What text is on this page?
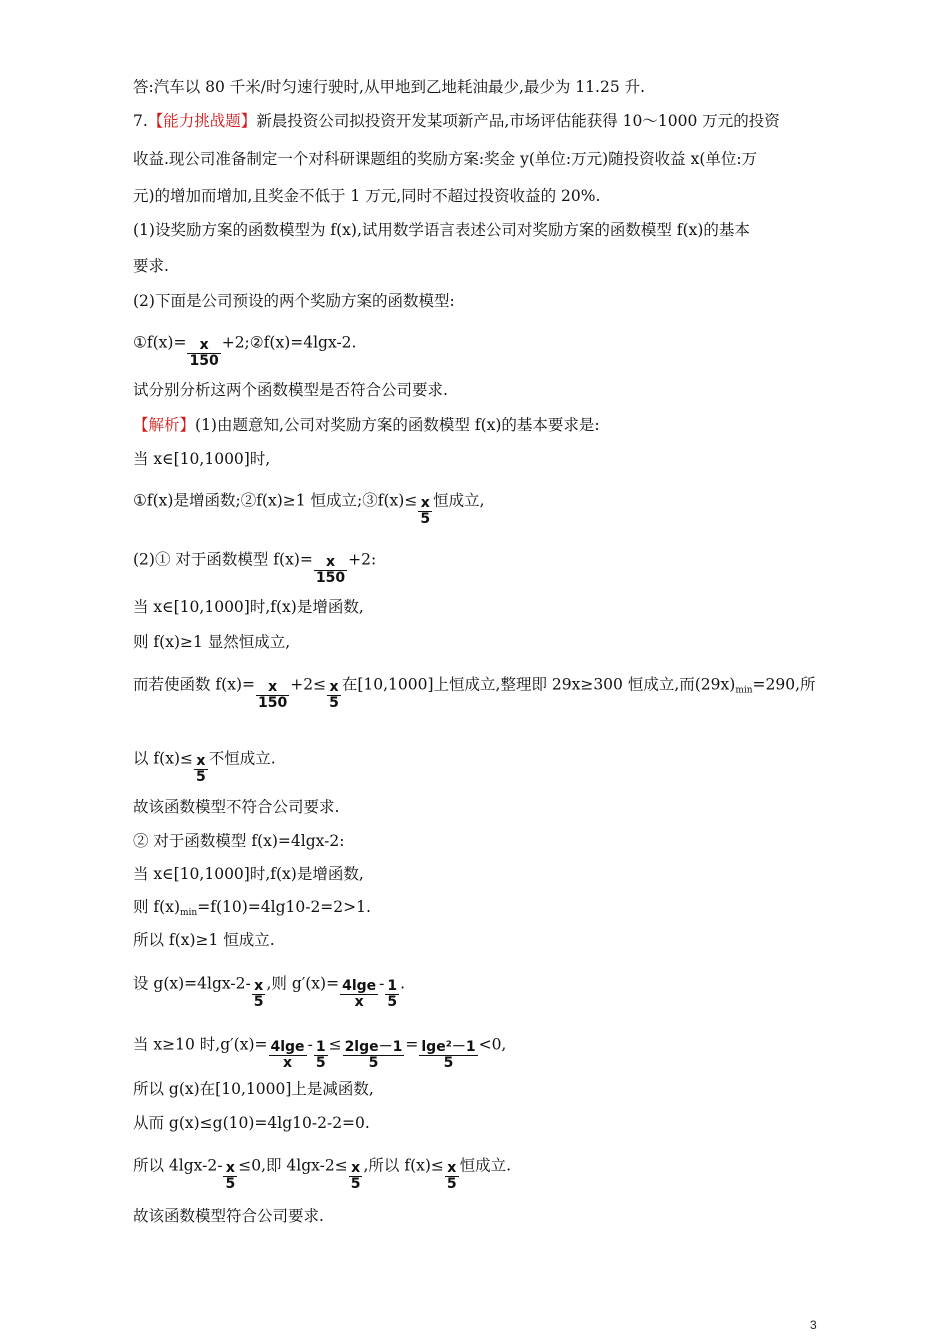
答:汽车以 80 千米/时匀速行驶时,从甲地到乙地耗油最少,最少为 11.25 升.
7.【能力挑战题】新晨投资公司拟投资开发某项新产品,市场评估能获得 10～1000 万元的投资
收益.现公司准备制定一个对科研课题组的奖励方案:奖金 y(单位:万元)随投资收益 x(单位:万
元)的增加而增加,且奖金不低于 1 万元,同时不超过投资收益的 20%.
(1)设奖励方案的函数模型为 f(x),试用数学语言表述公司对奖励方案的函数模型 f(x)的基本
要求.
(2)下面是公司预设的两个奖励方案的函数模型:
①f(x)= $\frac{x}{150}$ +2;②f(x)=4lgx-2.
试分别分析这两个函数模型是否符合公司要求.
【解析】(1)由题意知,公司对奖励方案的函数模型 f(x)的基本要求是:
当 x∈[10,1000]时,
①f(x)是增函数;②f(x)≥1 恒成立;③f(x)≤ $\frac{x}{5}$ 恒成立,
(2)① 对于函数模型 $f(x)= \frac{x}{150} +2$:
当 x∈[10,1000]时,f(x)是增函数,
则 f(x)≥1 显然恒成立,
而若使函数 $f(x)= \frac{x}{150} +2\le \frac{x}{5}$ 在[10,1000]上恒成立,整理即 29x≥300 恒成立,而$(29x)_{min}=290$,所
以 $f(x)\le \frac{x}{5}$ 不恒成立.
故该函数模型不符合公司要求.
② 对于函数模型 f(x)=4lgx-2:
当 x∈[10,1000]时,f(x)是增函数,
则 $f(x)_{min}=f(10)=4\lg 10-2=2>1$.
所以 f(x)≥1 恒成立.
设 $g(x)=4\lg x-2- \frac{x}{5}$ ,则 $g'(x)= \frac{4\lg e}{x} - \frac{1}{5}$ .
当 x≥10 时$,g'(x)= \frac{4\lg e}{x} - \frac{1}{5} \le \frac{2\lg e-1}{5} = \frac{\text{lge²－1}}{5} <0$,
所以 g(x)在[10,1000]上是减函数,
从而 g(x)≤g(10)=4lg10-2-2=0.
所以 $4\lg x-2- \frac{x}{5} \le 0$,即 $4\lg x-2\le \frac{x}{5}$ ,所以 $f(x)\le \frac{x}{5}$ 恒成立.
故该函数模型符合公司要求.
3
